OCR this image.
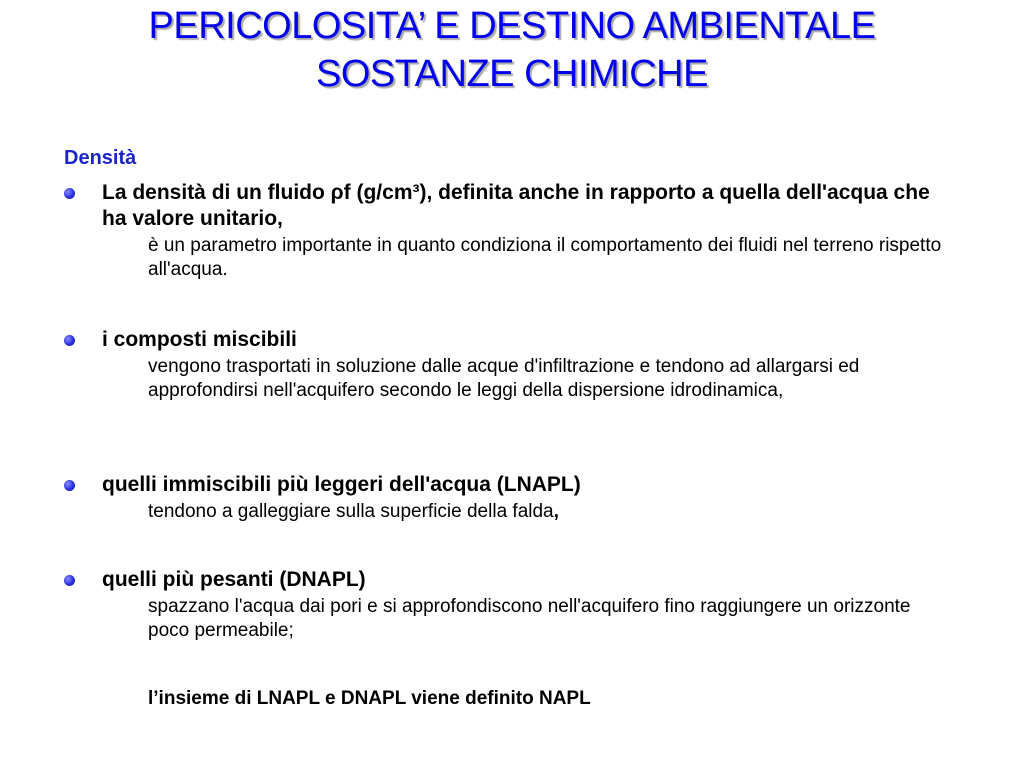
PERICOLOSITA’ E DESTINO AMBIENTALE
SOSTANZE CHIMICHE
Densità
La densità di un fluido ρf (g/cm³), definita anche in rapporto a quella dell'acqua che ha valore unitario,
è un parametro importante in quanto condiziona il comportamento dei fluidi nel terreno rispetto all'acqua.
i composti miscibili
vengono trasportati in soluzione dalle acque d'infiltrazione e tendono ad allargarsi ed approfondirsi nell'acquifero secondo le leggi della dispersione idrodinamica,
quelli immiscibili più leggeri dell'acqua (LNAPL)
tendono a galleggiare sulla superficie della falda,
quelli più pesanti (DNAPL)
spazzano l'acqua dai pori e si approfondiscono nell'acquifero fino raggiungere un orizzonte poco permeabile;
l’insieme di LNAPL e DNAPL viene definito NAPL
